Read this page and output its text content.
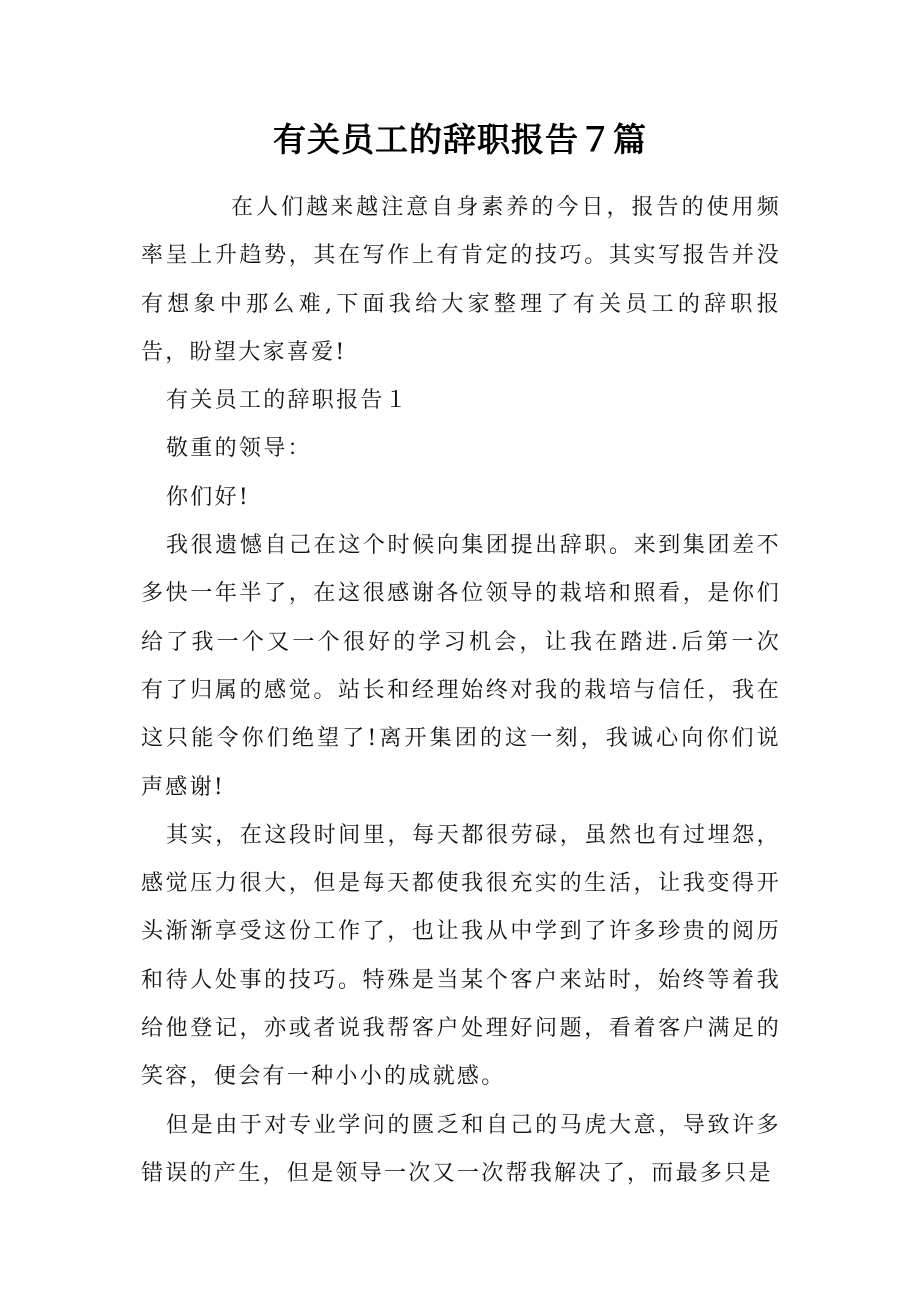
有关员工的辞职报告７篇

在人们越来越注意自身素养的今日，报告的使用频率呈上升趋势，其在写作上有肯定的技巧。其实写报告并没有想象中那么难,下面我给大家整理了有关员工的辞职报告，盼望大家喜爱!

有关员工的辞职报告１

敬重的领导：

你们好!

我很遗憾自己在这个时候向集团提出辞职。来到集团差不多快一年半了，在这很感谢各位领导的栽培和照看，是你们给了我一个又一个很好的学习机会，让我在踏进.后第一次有了归属的感觉。站长和经理始终对我的栽培与信任，我在这只能令你们绝望了!离开集团的这一刻，我诚心向你们说声感谢!

其实，在这段时间里，每天都很劳碌，虽然也有过埋怨，感觉压力很大，但是每天都使我很充实的生活，让我变得开头渐渐享受这份工作了，也让我从中学到了许多珍贵的阅历和待人处事的技巧。特殊是当某个客户来站时，始终等着我给他登记，亦或者说我帮客户处理好问题，看着客户满足的笑容，便会有一种小小的成就感。

但是由于对专业学问的匮乏和自己的马虎大意，导致许多错误的产生，但是领导一次又一次帮我解决了，而最多只是
